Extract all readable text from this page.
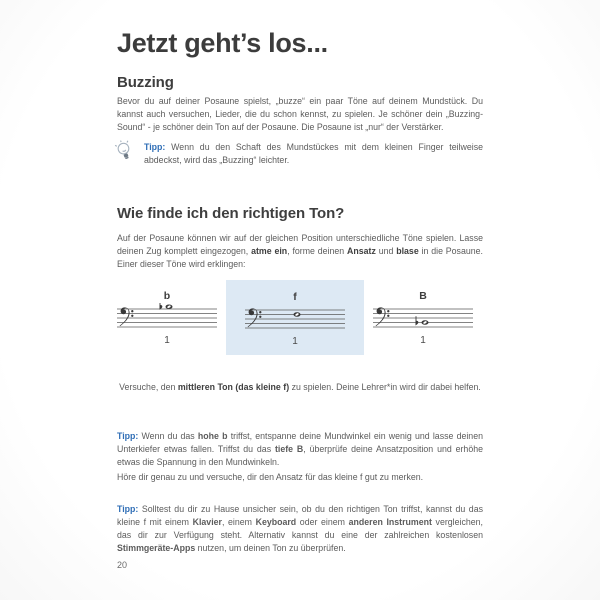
Jetzt geht’s los...
Buzzing

Bevor du auf deiner Posaune spielst, „buzze“ ein paar Töne auf deinem Mundstück. Du kannst auch versuchen, Lieder, die du schon kennst, zu spielen. Je schöner dein „Buzzing-Sound“ - je schöner dein Ton auf der Posaune. Die Posaune ist „nur“ der Verstärker.

Tipp: Wenn du den Schaft des Mundstückes mit dem kleinen Finger teilweise abdeckst, wird das „Buzzing“ leichter.

Wie finde ich den richtigen Ton?

Auf der Posaune können wir auf der gleichen Position unterschiedliche Töne spielen. Lasse deinen Zug komplett eingezogen, atme ein, forme deinen Ansatz und blase in die Posaune. Einer dieser Töne wird erklingen:

b
1
f
1
B
1

Versuche, den mittleren Ton (das kleine f) zu spielen. Deine Lehrer*in wird dir dabei helfen.

Tipp: Wenn du das hohe b triffst, entspanne deine Mundwinkel ein wenig und lasse deinen Unterkiefer etwas fallen. Triffst du das tiefe B, überprüfe deine Ansatzposition und erhöhe etwas die Spannung in den Mundwinkeln.

Höre dir genau zu und versuche, dir den Ansatz für das kleine f gut zu merken.

Tipp: Solltest du dir zu Hause unsicher sein, ob du den richtigen Ton triffst, kannst du das kleine f mit einem Klavier, einem Keyboard oder einem anderen Instrument vergleichen, das dir zur Verfügung steht. Alternativ kannst du eine der zahlreichen kostenlosen Stimmgeräte-Apps nutzen, um deinen Ton zu überprüfen.

20
